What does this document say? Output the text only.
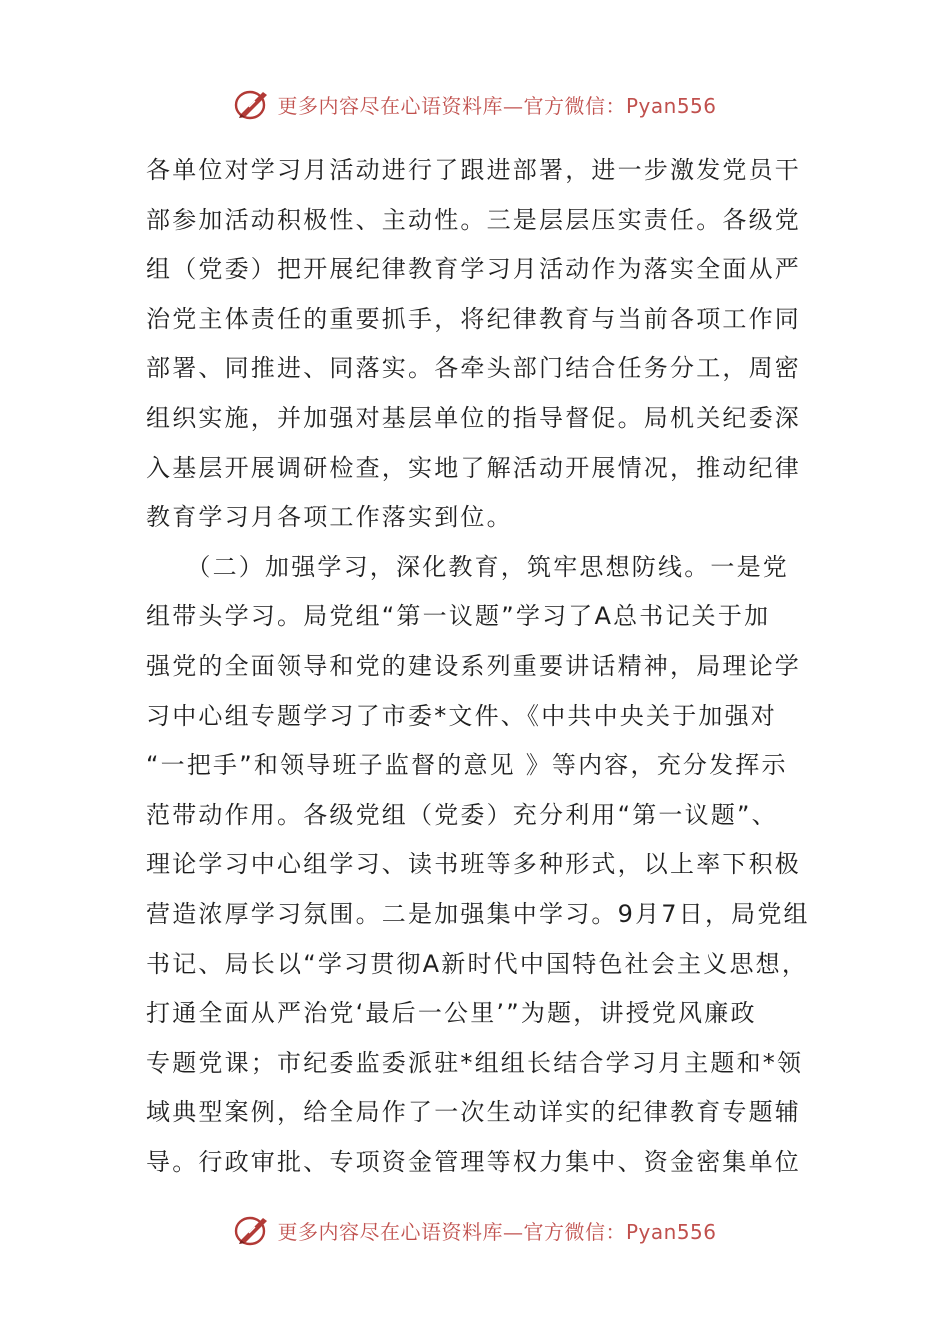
更多内容尽在心语资料库—官方微信：Pyan556
各单位对学习月活动进行了跟进部署，进一步激发党员干
部参加活动积极性、主动性。三是层层压实责任。各级党
组（党委）把开展纪律教育学习月活动作为落实全面从严
治党主体责任的重要抓手，将纪律教育与当前各项工作同
部署、同推进、同落实。各牵头部门结合任务分工，周密
组织实施，并加强对基层单位的指导督促。局机关纪委深
入基层开展调研检查，实地了解活动开展情况，推动纪律
教育学习月各项工作落实到位。
　　（二）加强学习，深化教育，筑牢思想防线。一是党
组带头学习。局党组“第一议题”学习了A总书记关于加
强党的全面领导和党的建设系列重要讲话精神，局理论学
习中心组专题学习了市委*文件、《中共中央关于加强对
“一把手”和领导班子监督的意见 》等内容，充分发挥示
范带动作用。各级党组（党委）充分利用“第一议题”、
理论学习中心组学习、读书班等多种形式，以上率下积极
营造浓厚学习氛围。二是加强集中学习。9月7日，局党组
书记、局长以“学习贯彻A新时代中国特色社会主义思想，
打通全面从严治党‘最后一公里’”为题，讲授党风廉政
专题党课；市纪委监委派驻*组组长结合学习月主题和*领
域典型案例，给全局作了一次生动详实的纪律教育专题辅
导。行政审批、专项资金管理等权力集中、资金密集单位
更多内容尽在心语资料库—官方微信：Pyan556
